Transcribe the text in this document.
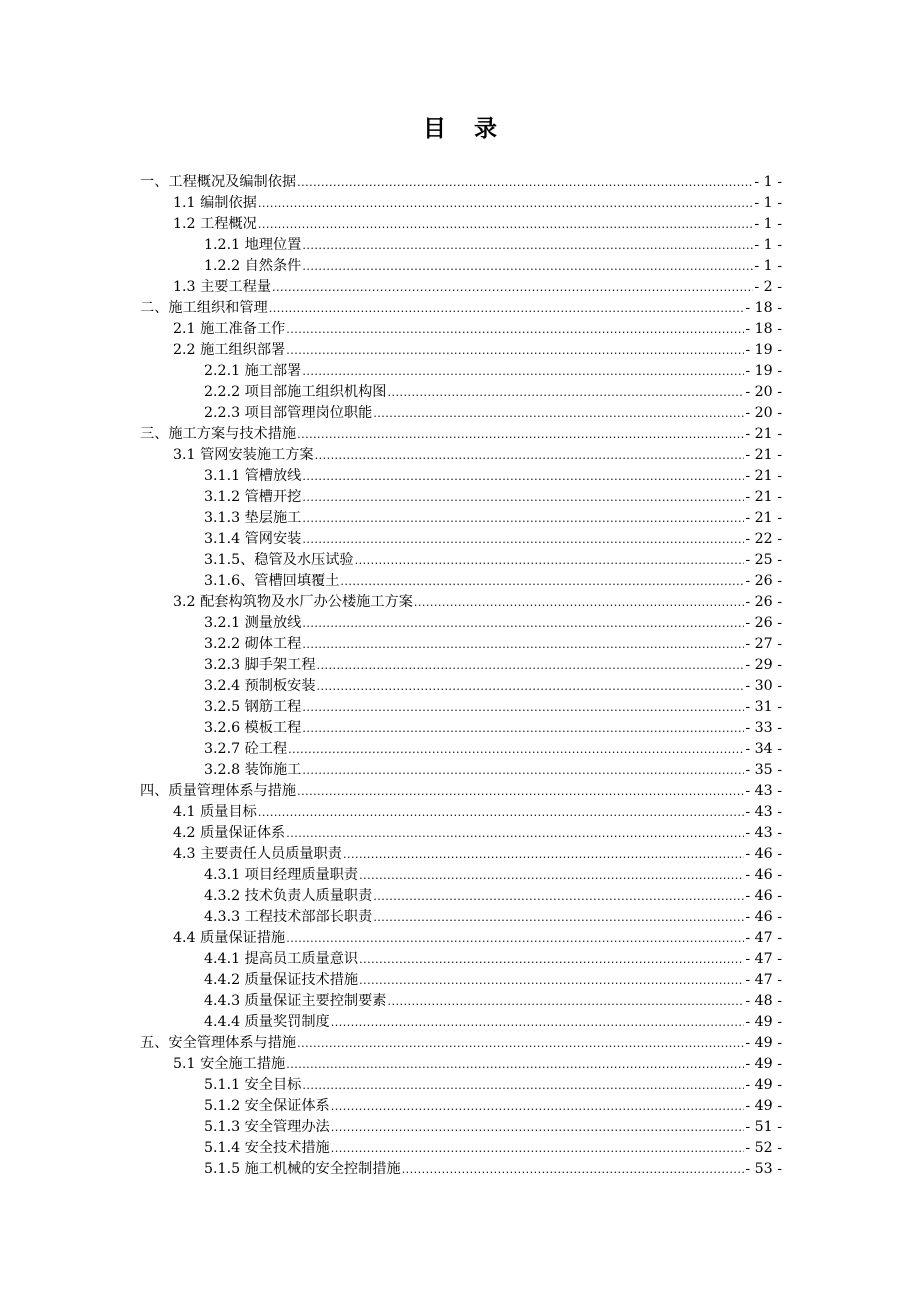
目录
一、工程概况及编制依据 .....	- 1 -
1.1 编制依据 .....	- 1 -
1.2 工程概况 .....	- 1 -
1.2.1 地理位置 .....	- 1 -
1.2.2 自然条件 .....	- 1 -
1.3 主要工程量 .....	- 2 -
二、施工组织和管理 .....	- 18 -
2.1 施工准备工作 .....	- 18 -
2.2 施工组织部署 .....	- 19 -
2.2.1 施工部署 .....	- 19 -
2.2.2 项目部施工组织机构图 .....	- 20 -
2.2.3 项目部管理岗位职能 .....	- 20 -
三、施工方案与技术措施 .....	- 21 -
3.1 管网安装施工方案 .....	- 21 -
3.1.1 管槽放线 .....	- 21 -
3.1.2 管槽开挖 .....	- 21 -
3.1.3 垫层施工 .....	- 21 -
3.1.4 管网安装 .....	- 22 -
3.1.5、稳管及水压试验 .....	- 25 -
3.1.6、管槽回填覆土 .....	- 26 -
3.2 配套构筑物及水厂办公楼施工方案 .....	- 26 -
3.2.1 测量放线 .....	- 26 -
3.2.2 砌体工程 .....	- 27 -
3.2.3 脚手架工程 .....	- 29 -
3.2.4 预制板安装 .....	- 30 -
3.2.5 钢筋工程 .....	- 31 -
3.2.6 模板工程 .....	- 33 -
3.2.7 砼工程 .....	- 34 -
3.2.8 装饰施工 .....	- 35 -
四、质量管理体系与措施 .....	- 43 -
4.1 质量目标 .....	- 43 -
4.2 质量保证体系 .....	- 43 -
4.3 主要责任人员质量职责 .....	- 46 -
4.3.1 项目经理质量职责 .....	- 46 -
4.3.2 技术负责人质量职责 .....	- 46 -
4.3.3 工程技术部部长职责 .....	- 46 -
4.4 质量保证措施 .....	- 47 -
4.4.1 提高员工质量意识 .....	- 47 -
4.4.2 质量保证技术措施 .....	- 47 -
4.4.3 质量保证主要控制要素 .....	- 48 -
4.4.4 质量奖罚制度 .....	- 49 -
五、安全管理体系与措施 .....	- 49 -
5.1 安全施工措施 .....	- 49 -
5.1.1 安全目标 .....	- 49 -
5.1.2 安全保证体系 .....	- 49 -
5.1.3 安全管理办法 .....	- 51 -
5.1.4 安全技术措施 .....	- 52 -
5.1.5 施工机械的安全控制措施 .....	- 53 -
